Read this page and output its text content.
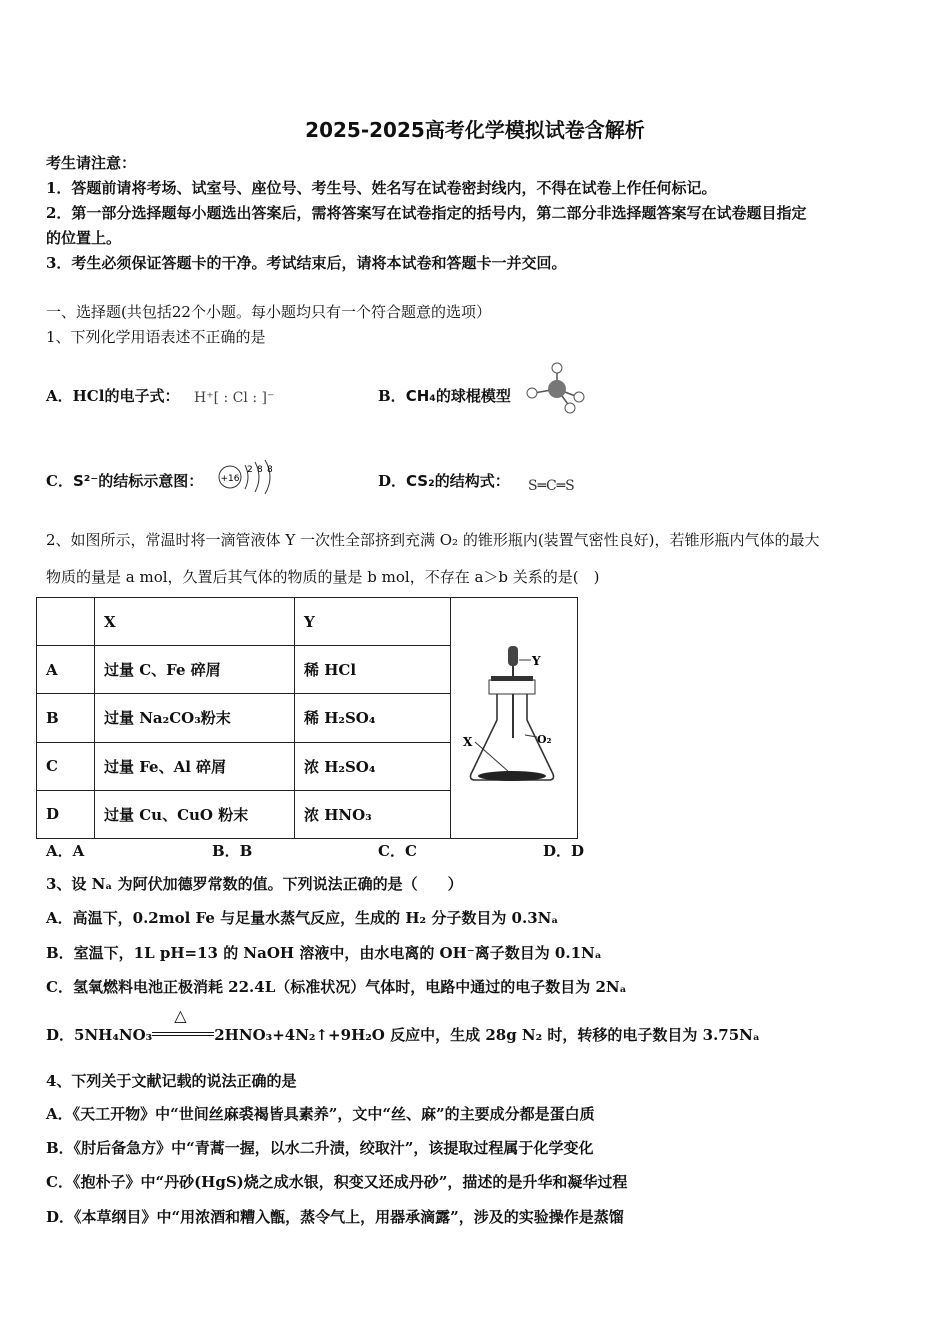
2025-2025高考化学模拟试卷含解析
考生请注意：
1．答题前请将考场、试室号、座位号、考生号、姓名写在试卷密封线内，不得在试卷上作任何标记。
2．第一部分选择题每小题选出答案后，需将答案写在试卷指定的括号内，第二部分非选择题答案写在试卷题目指定
的位置上。
3．考生必须保证答题卡的干净。考试结束后，请将本试卷和答题卡一并交回。
一、选择题(共包括22个小题。每小题均只有一个符合题意的选项）
1、下列化学用语表述不正确的是
A．HCl的电子式： H⁺[ : Cl : ]⁻	B．CH₄的球棍模型
C．S²⁻的结标示意图： +16
2 8 8
D．CS₂的结构式： S═C═S
2、如图所示，常温时将一滴管液体 Y 一次性全部挤到充满 O₂ 的锥形瓶内(装置气密性良好)，若锥形瓶内气体的最大
物质的量是 a mol，久置后其气体的物质的量是 b mol，不存在 a＞b 关系的是(　)
	X	Y	Y
O₂
X

A	过量 C、Fe 碎屑	稀 HCl	
B	过量 Na₂CO₃粉末	稀 H₂SO₄	
C	过量 Fe、Al 碎屑	浓 H₂SO₄	
D	过量 Cu、CuO 粉末	浓 HNO₃	
A．A	B．B	C．C	D．D
3、设 Nₐ 为阿伏加德罗常数的值。下列说法正确的是（　　）
A．高温下，0.2mol Fe 与足量水蒸气反应，生成的 H₂ 分子数目为 0.3Nₐ
B．室温下，1L pH=13 的 NaOH 溶液中，由水电离的 OH⁻离子数目为 0.1Nₐ
C．氢氧燃料电池正极消耗 22.4L（标准状况）气体时，电路中通过的电子数目为 2Nₐ
D．5NH₄NO₃
△
2HNO₃+4N₂↑+9H₂O 反应中，生成 28g N₂ 时，转移的电子数目为 3.75Nₐ
4、下列关于文献记载的说法正确的是
A．《天工开物》中“世间丝麻裘褐皆具素养”，文中“丝、麻”的主要成分都是蛋白质
B．《肘后备急方》中“青蒿一握，以水二升渍，绞取汁”，该提取过程属于化学变化
C．《抱朴子》中“丹砂(HgS)烧之成水银，积变又还成丹砂”，描述的是升华和凝华过程
D．《本草纲目》中“用浓酒和糟入甑，蒸令气上，用器承滴露”，涉及的实验操作是蒸馏
